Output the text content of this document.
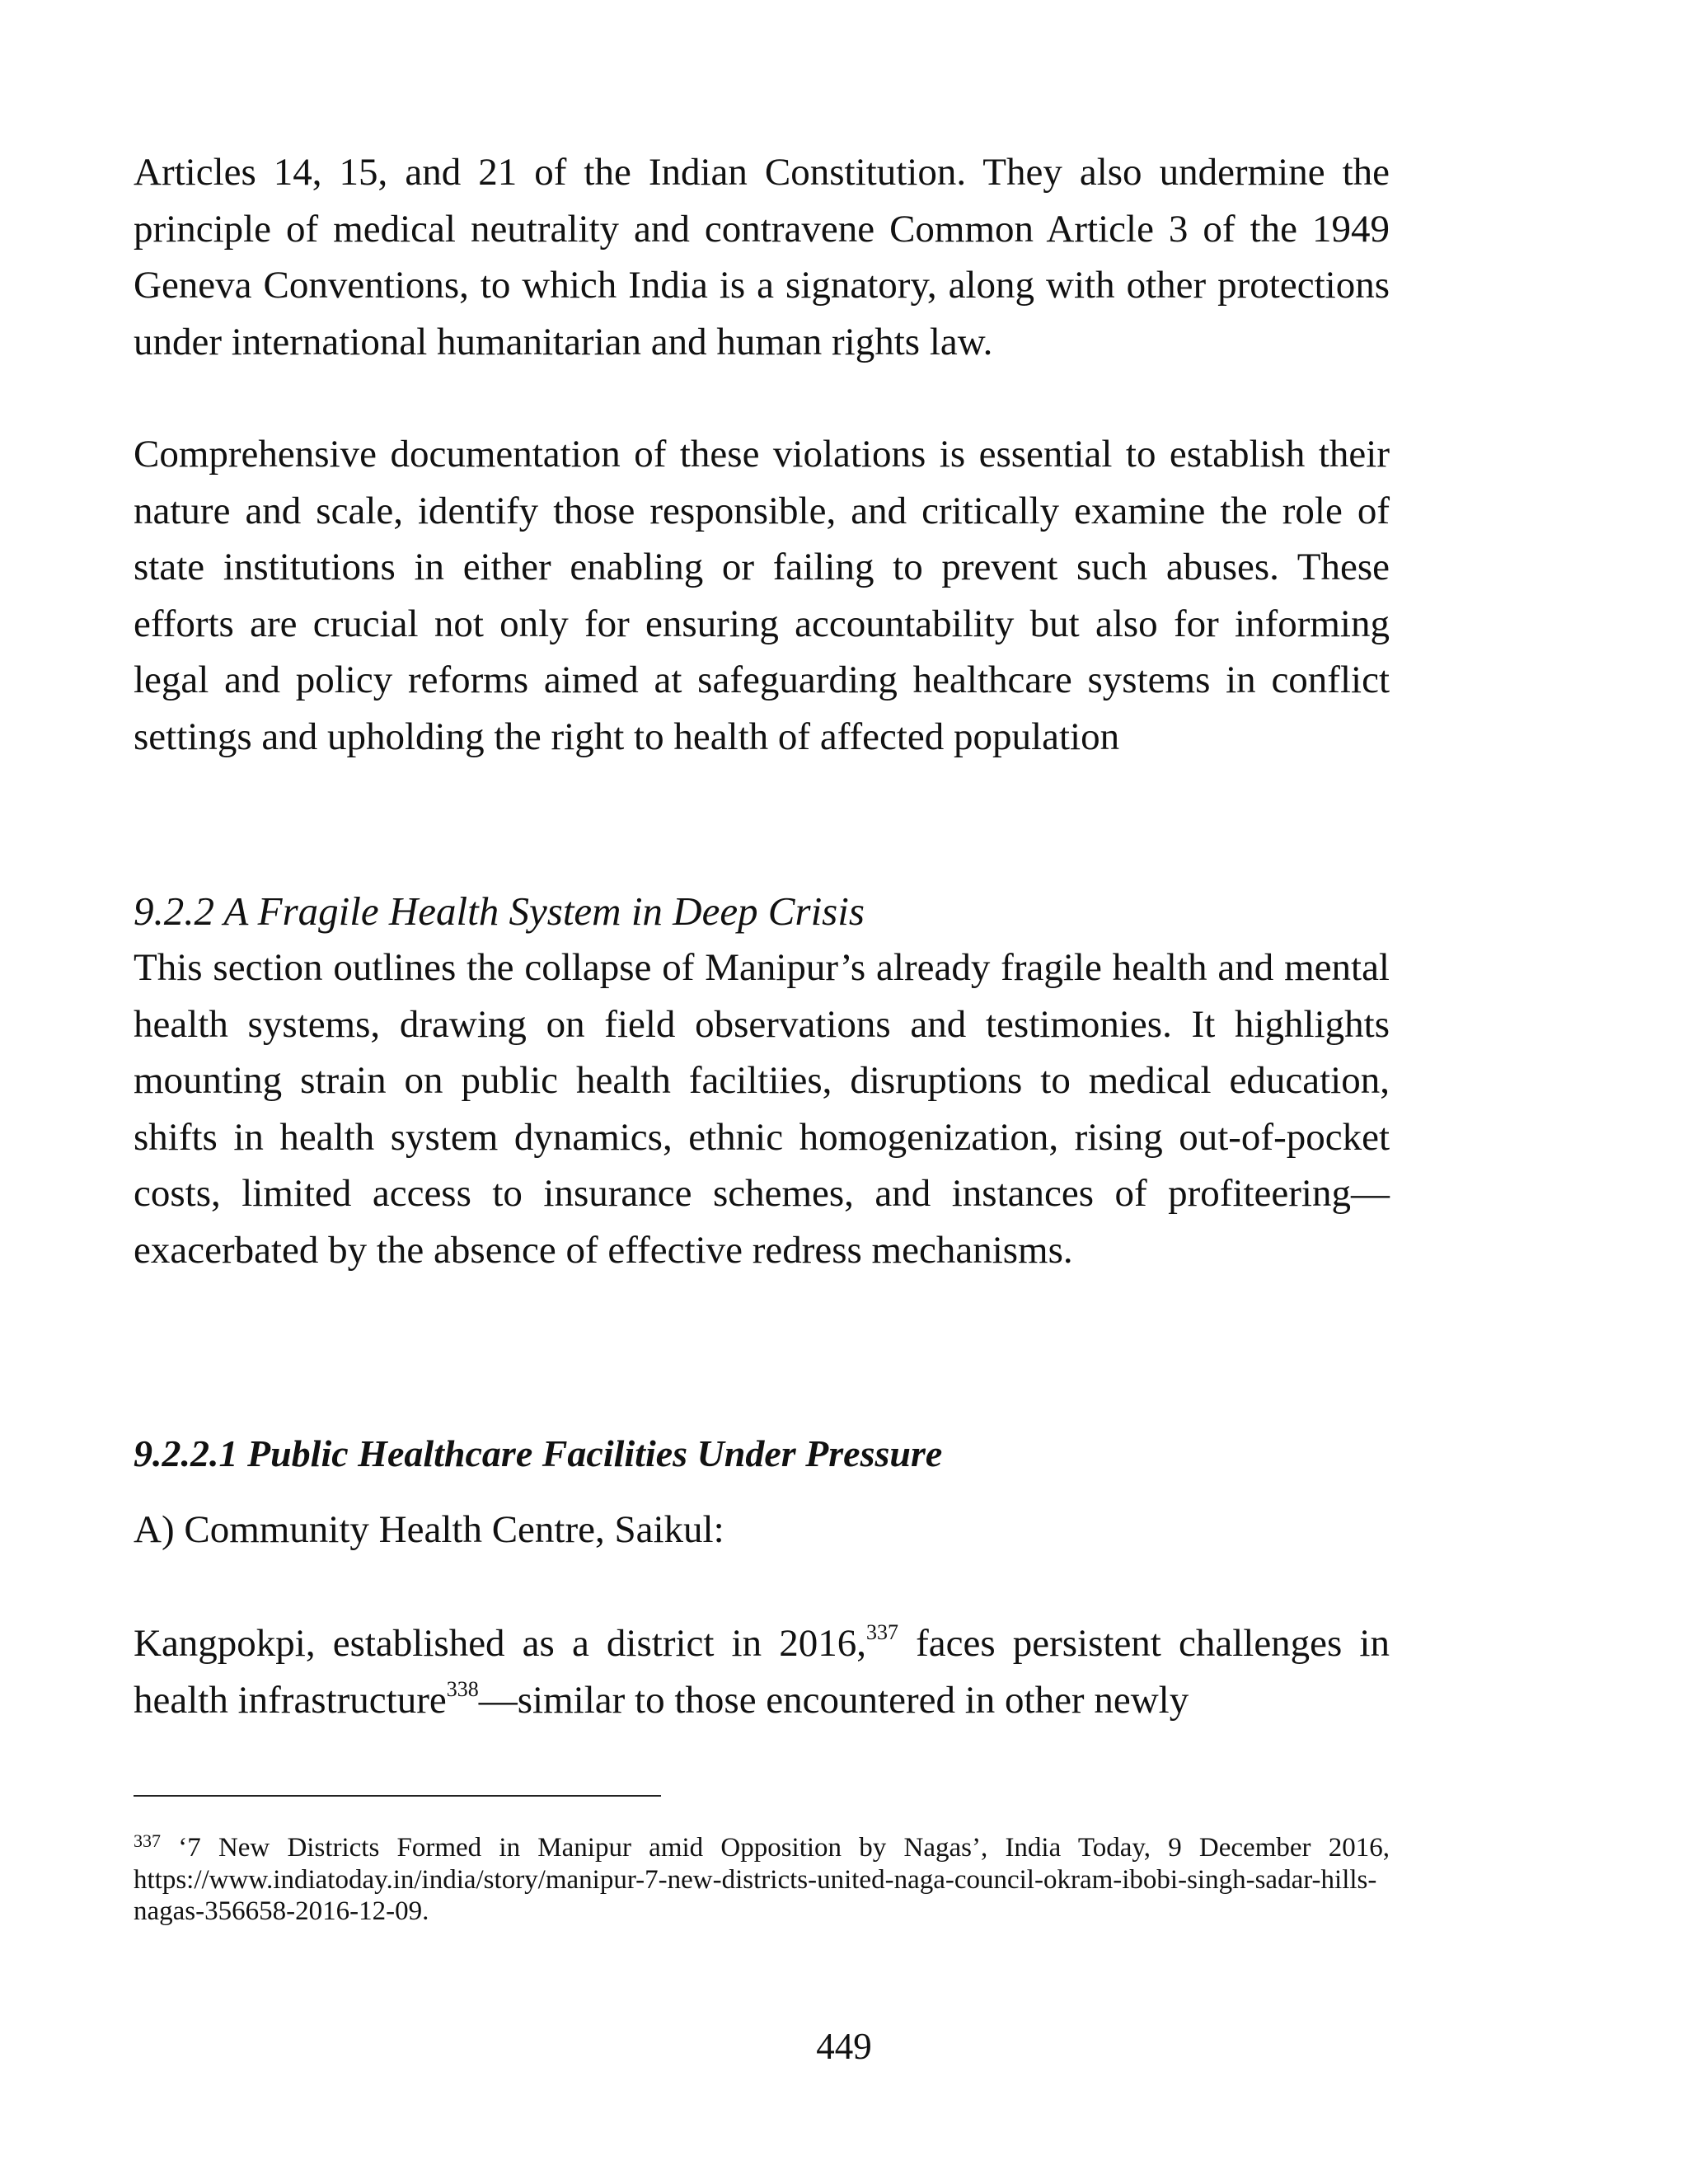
Articles 14, 15, and 21 of the Indian Constitution. They also undermine the principle of medical neutrality and contravene Common Article 3 of the 1949 Geneva Conventions, to which India is a signatory, along with other protections under international humanitarian and human rights law.

Comprehensive documentation of these violations is essential to establish their nature and scale, identify those responsible, and critically examine the role of state institutions in either enabling or failing to prevent such abuses. These efforts are crucial not only for ensuring accountability but also for informing legal and policy reforms aimed at safeguarding healthcare systems in conflict settings and upholding the right to health of affected population

9.2.2 A Fragile Health System in Deep Crisis

This section outlines the collapse of Manipur’s already fragile health and mental health systems, drawing on field observations and testimonies. It highlights mounting strain on public health faciltiies, disruptions to medical education, shifts in health system dynamics, ethnic homogenization, rising out-of-pocket costs, limited access to insurance schemes, and instances of profiteering—exacerbated by the absence of effective redress mechanisms.

9.2.2.1 Public Healthcare Facilities Under Pressure

A) Community Health Centre, Saikul:

Kangpokpi, established as a district in 2016,$^{337}$ faces persistent challenges in health infrastructure$^{338}$—similar to those encountered in other newly

$^{337}$ ‘7 New Districts Formed in Manipur amid Opposition by Nagas’, India Today, 9 December 2016, https://www.indiatoday.in/india/story/manipur-7-new-districts-united-naga-council-okram-ibobi-singh-sadar-hills-nagas-356658-2016-12-09.

449
